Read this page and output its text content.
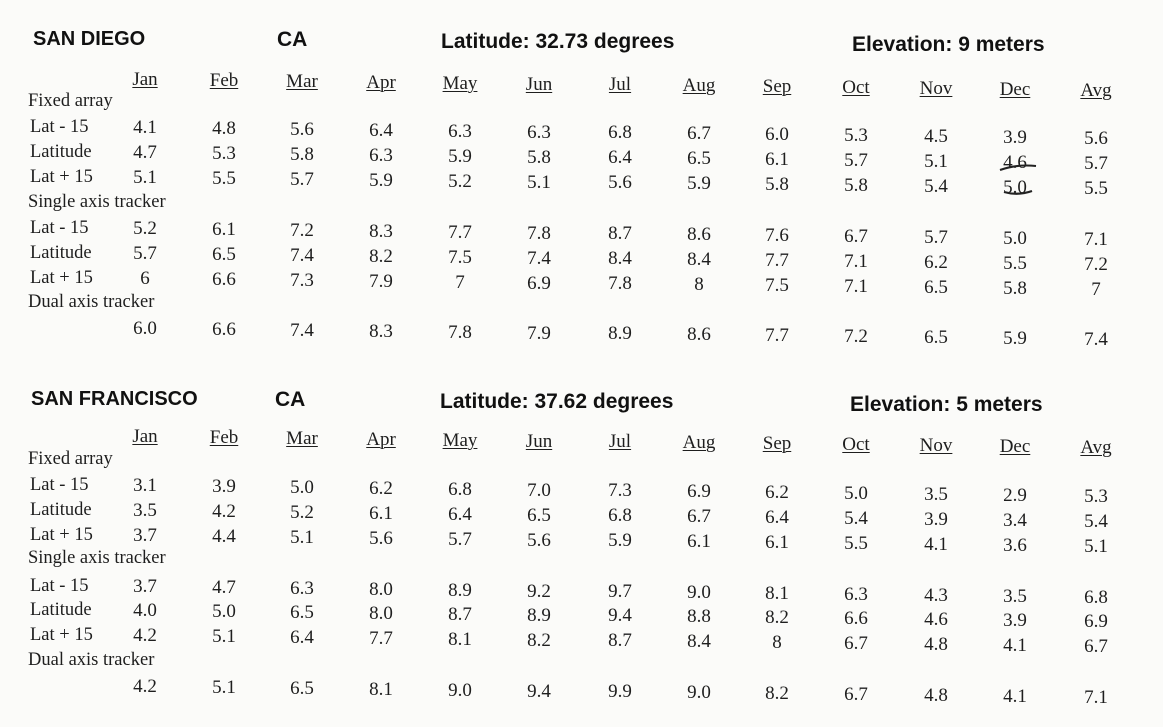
SAN DIEGO	CA	Latitude: 32.73 degrees	Elevation: 9 meters
Jan	Feb	Mar	Apr May	Jun	Jul	Aug Sep	Oct	Nov Dec	Avg
Fixed array
Lat - 15 4.1	4.8	5.6	6.4	6.3	6.3	6.8	6.7	6.0	5.3	4.5	3.9	5.6
Latitude 4.7	5.3	5.8	6.3	5.9	5.8	6.4	6.5	6.1	5.7	5.1	4.6	5.7
Lat + 15 5.1	5.5	5.7	5.9	5.2	5.1	5.6	5.9	5.8	5.8	5.4	5.0	5.5
Single axis tracker
Lat - 15 5.2	6.1	7.2	8.3	7.7	7.8	8.7	8.6	7.6	6.7	5.7	5.0	7.1
Latitude 5.7	6.5	7.4	8.2	7.5	7.4	8.4	8.4	7.7	7.1	6.2	5.5	7.2
Lat + 15 6	6.6	7.3	7.9	7	6.9	7.8	8	7.5	7.1	6.5	5.8	7
Dual axis tracker
6.0	6.6	7.4	8.3	7.8	7.9	8.9	8.6	7.7	7.2	6.5	5.9	7.4
SAN FRANCISCO	CA	Latitude: 37.62 degrees	Elevation: 5 meters
Jan	Feb	Mar	Apr May	Jun	Jul	Aug Sep	Oct	Nov Dec	Avg
Fixed array
Lat - 15 3.1	3.9	5.0	6.2	6.8	7.0	7.3	6.9	6.2	5.0	3.5	2.9	5.3
Latitude 3.5	4.2	5.2	6.1	6.4	6.5	6.8	6.7	6.4	5.4	3.9	3.4	5.4
Lat + 15 3.7	4.4	5.1	5.6	5.7	5.6	5.9	6.1	6.1	5.5	4.1	3.6	5.1
Single axis tracker
Lat - 15 3.7	4.7	6.3	8.0	8.9	9.2	9.7	9.0	8.1	6.3	4.3	3.5	6.8
Latitude 4.0	5.0	6.5	8.0	8.7	8.9	9.4	8.8	8.2	6.6	4.6	3.9	6.9
Lat + 15 4.2	5.1	6.4	7.7	8.1	8.2	8.7	8.4	8	6.7	4.8	4.1	6.7
Dual axis tracker
4.2	5.1	6.5	8.1	9.0	9.4	9.9	9.0	8.2	6.7	4.8	4.1	7.1
